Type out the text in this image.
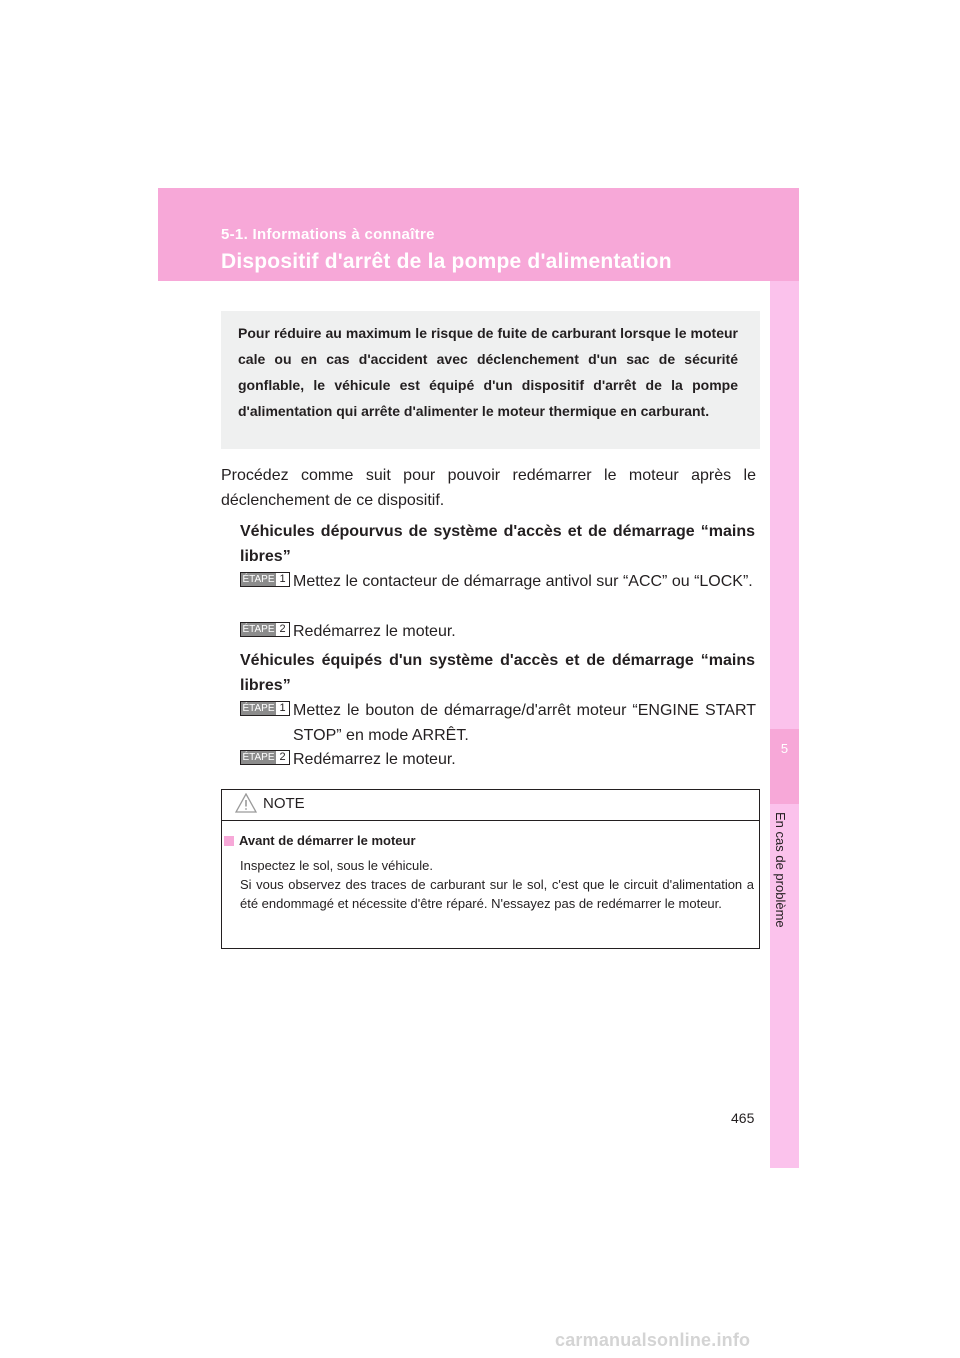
5-1. Informations à connaître
Dispositif d'arrêt de la pompe d'alimentation
5
En cas de problème

Pour réduire au maximum le risque de fuite de carburant lorsque le moteur cale ou en cas d'accident avec déclenchement d'un sac de sécurité gonflable, le véhicule est équipé d'un dispositif d'arrêt de la pompe d'alimentation qui arrête d'alimenter le moteur thermique en carburant.

Procédez comme suit pour pouvoir redémarrer le moteur après le déclenchement de ce dispositif.

Véhicules dépourvus de système d'accès et de démarrage “mains libres”

ÉTAPE 1 Mettez le contacteur de démarrage antivol sur “ACC” ou “LOCK”.

ÉTAPE 2 Redémarrez le moteur.

Véhicules équipés d'un système d'accès et de démarrage “mains libres”

ÉTAPE 1 Mettez le bouton de démarrage/d'arrêt moteur “ENGINE START STOP” en mode ARRÊT.

ÉTAPE 2 Redémarrez le moteur.

NOTE
Avant de démarrer le moteur
Inspectez le sol, sous le véhicule.
Si vous observez des traces de carburant sur le sol, c'est que le circuit d'alimentation a été endommagé et nécessite d'être réparé. N'essayez pas de redémarrer le moteur.
465
carmanualsonline.info
